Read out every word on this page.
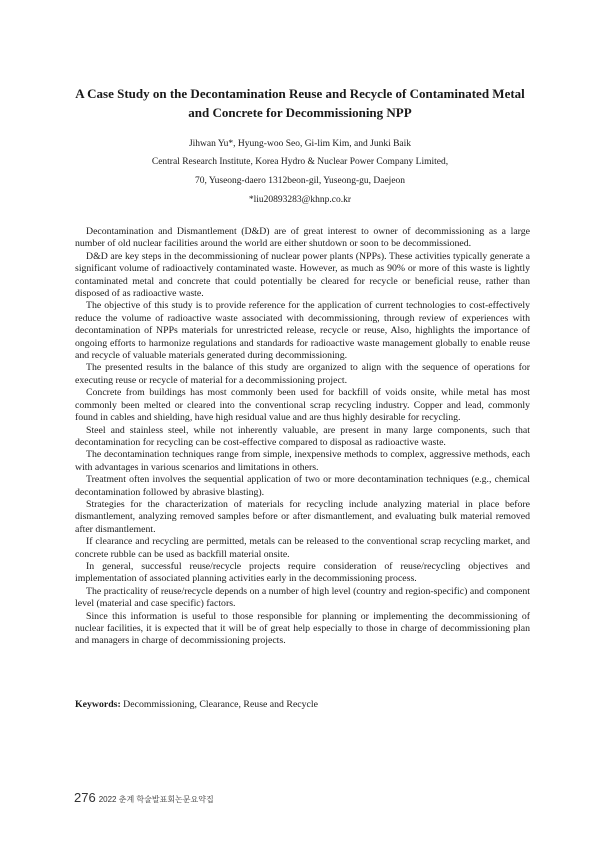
A Case Study on the Decontamination Reuse and Recycle of Contaminated Metal
and Concrete for Decommissioning NPP
Jihwan Yu*, Hyung-woo Seo, Gi-lim Kim, and Junki Baik
Central Research Institute, Korea Hydro & Nuclear Power Company Limited,
70, Yuseong-daero 1312beon-gil, Yuseong-gu, Daejeon
*liu20893283@khnp.co.kr

Decontamination and Dismantlement (D&D) are of great interest to owner of decommissioning as a large number of old nuclear facilities around the world are either shutdown or soon to be decommissioned.

D&D are key steps in the decommissioning of nuclear power plants (NPPs). These activities typically generate a significant volume of radioactively contaminated waste. However, as much as 90% or more of this waste is lightly contaminated metal and concrete that could potentially be cleared for recycle or beneficial reuse, rather than disposed of as radioactive waste.

The objective of this study is to provide reference for the application of current technologies to cost-effectively reduce the volume of radioactive waste associated with decommissioning, through review of experiences with decontamination of NPPs materials for unrestricted release, recycle or reuse, Also, highlights the importance of ongoing efforts to harmonize regulations and standards for radioactive waste management globally to enable reuse and recycle of valuable materials generated during decommissioning.

The presented results in the balance of this study are organized to align with the sequence of operations for executing reuse or recycle of material for a decommissioning project.

Concrete from buildings has most commonly been used for backfill of voids onsite, while metal has most commonly been melted or cleared into the conventional scrap recycling industry. Copper and lead, commonly found in cables and shielding, have high residual value and are thus highly desirable for recycling.

Steel and stainless steel, while not inherently valuable, are present in many large components, such that decontamination for recycling can be cost-effective compared to disposal as radioactive waste.

The decontamination techniques range from simple, inexpensive methods to complex, aggressive methods, each with advantages in various scenarios and limitations in others.

Treatment often involves the sequential application of two or more decontamination techniques (e.g., chemical decontamination followed by abrasive blasting).

Strategies for the characterization of materials for recycling include analyzing material in place before dismantlement, analyzing removed samples before or after dismantlement, and evaluating bulk material removed after dismantlement.

If clearance and recycling are permitted, metals can be released to the conventional scrap recycling market, and concrete rubble can be used as backfill material onsite.

In general, successful reuse/recycle projects require consideration of reuse/recycling objectives and implementation of associated planning activities early in the decommissioning process.

The practicality of reuse/recycle depends on a number of high level (country and region-specific) and component level (material and case specific) factors.

Since this information is useful to those responsible for planning or implementing the decommissioning of nuclear facilities, it is expected that it will be of great help especially to those in charge of decommissioning plan and managers in charge of decommissioning projects.

Keywords: Decommissioning, Clearance, Reuse and Recycle
276 2022 춘계 학술발표회논문요약집
